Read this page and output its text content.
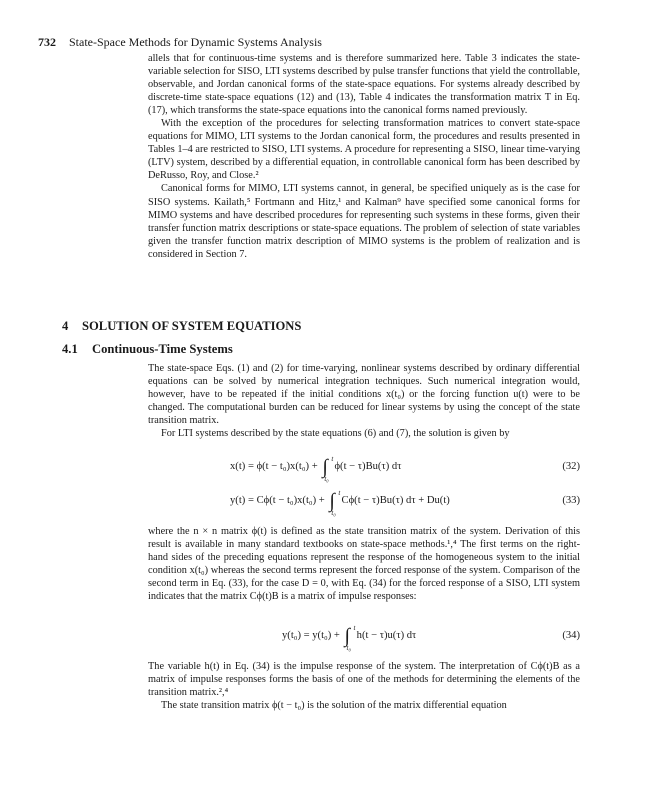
732 State-Space Methods for Dynamic Systems Analysis

allels that for continuous-time systems and is therefore summarized here. Table 3 indicates the state-variable selection for SISO, LTI systems described by pulse transfer functions that yield the controllable, observable, and Jordan canonical forms of the state-space equations. For systems already described by discrete-time state-space equations (12) and (13), Table 4 indicates the transformation matrix T in Eq. (17), which transforms the state-space equations into the canonical forms named previously.

With the exception of the procedures for selecting transformation matrices to convert state-space equations for MIMO, LTI systems to the Jordan canonical form, the procedures and results presented in Tables 1–4 are restricted to SISO, LTI systems. A procedure for representing a SISO, linear time-varying (LTV) system, described by a differential equation, in controllable canonical form has been described by DeRusso, Roy, and Close.²

Canonical forms for MIMO, LTI systems cannot, in general, be specified uniquely as is the case for SISO systems. Kailath,⁵ Fortmann and Hitz,¹ and Kalman⁹ have specified some canonical forms for MIMO systems and have described procedures for representing such systems in these forms, given their transfer function matrix descriptions or state-space equations. The problem of selection of state variables given the transfer function matrix description of MIMO systems is the problem of realization and is considered in Section 7.

4 SOLUTION OF SYSTEM EQUATIONS
4.1 Continuous-Time Systems

The state-space Eqs. (1) and (2) for time-varying, nonlinear systems described by ordinary differential equations can be solved by numerical integration techniques. Such numerical integration would, however, have to be repeated if the initial conditions x(t₀) or the forcing function u(t) were to be changed. The computational burden can be reduced for linear systems by using the concept of the state transition matrix.

For LTI systems described by the state equations (6) and (7), the solution is given by

x(t) = ϕ(t − t₀)x(t₀) + ∫ t
t₀
ϕ(t − τ)Bu(τ) dτ	(32)
y(t) = Cϕ(t − t₀)x(t₀) + ∫ t
t₀
Cϕ(t − τ)Bu(τ) dτ + Du(t)	(33)

where the n × n matrix ϕ(t) is defined as the state transition matrix of the system. Derivation of this result is available in many standard textbooks on state-space methods.¹,⁴ The first terms on the right-hand sides of the preceding equations represent the response of the homogeneous system to the initial condition x(t₀) whereas the second terms represent the forced response of the system. Comparison of the second term in Eq. (33), for the case D = 0, with Eq. (34) for the forced response of a SISO, LTI system indicates that the matrix Cϕ(t)B is a matrix of impulse responses:

y(t₀) = y(t₀) + ∫ t
t₀
h(t − τ)u(τ) dτ	(34)

The variable h(t) in Eq. (34) is the impulse response of the system. The interpretation of Cϕ(t)B as a matrix of impulse responses forms the basis of one of the methods for determining the elements of the transition matrix.²,⁴

The state transition matrix ϕ(t − t₀) is the solution of the matrix differential equation
